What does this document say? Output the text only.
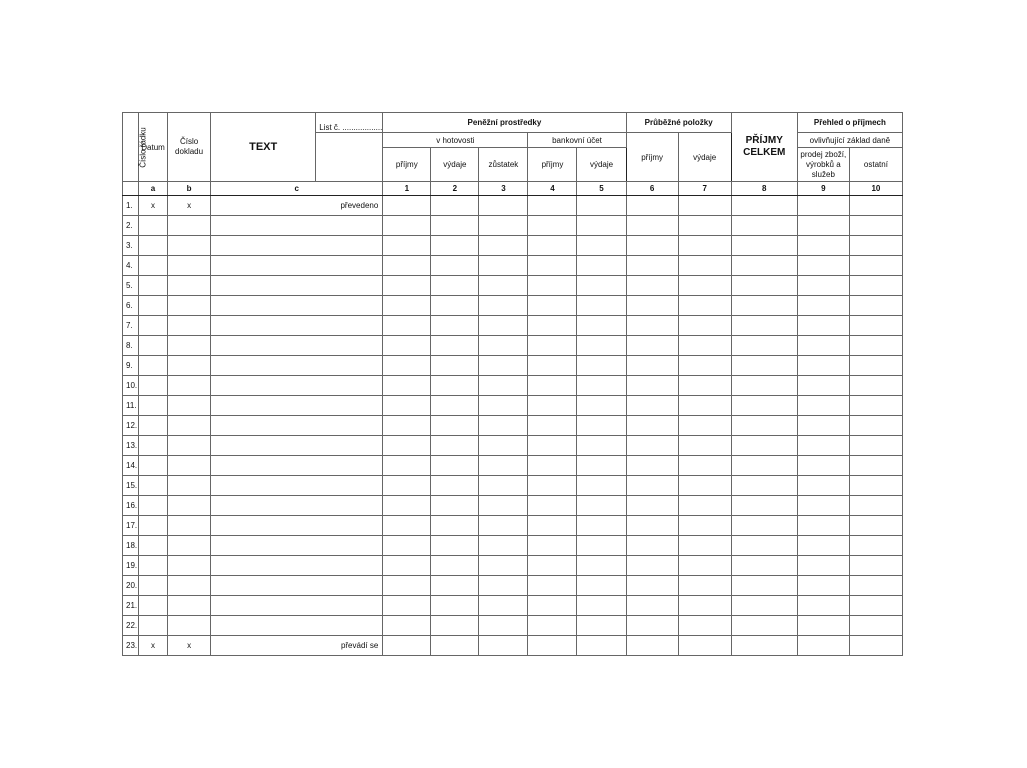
Číslo řádku	Datum	Číslo dokladu	TEXT	List č. ..................	Peněžní prostředky					Průběžné položky		PŘÍJMY CELKEM	Přehled o příjmech	
					v hotovosti			bankovní účet		příjmy	výdaje		ovlivňující základ daně	
					příjmy	výdaje	zůstatek	příjmy	výdaje				prodej zboží, výrobků a služeb	ostatní
	a	b	c		1	2	3	4	5	6	7	8	9	10
1.	x	x	převedeno											
2.														
3.														
4.														
5.														
6.														
7.														
8.														
9.														
10.														
11.														
12.														
13.														
14.														
15.														
16.														
17.														
18.														
19.														
20.														
21.														
22.														
23.	x	x	převádí se											
